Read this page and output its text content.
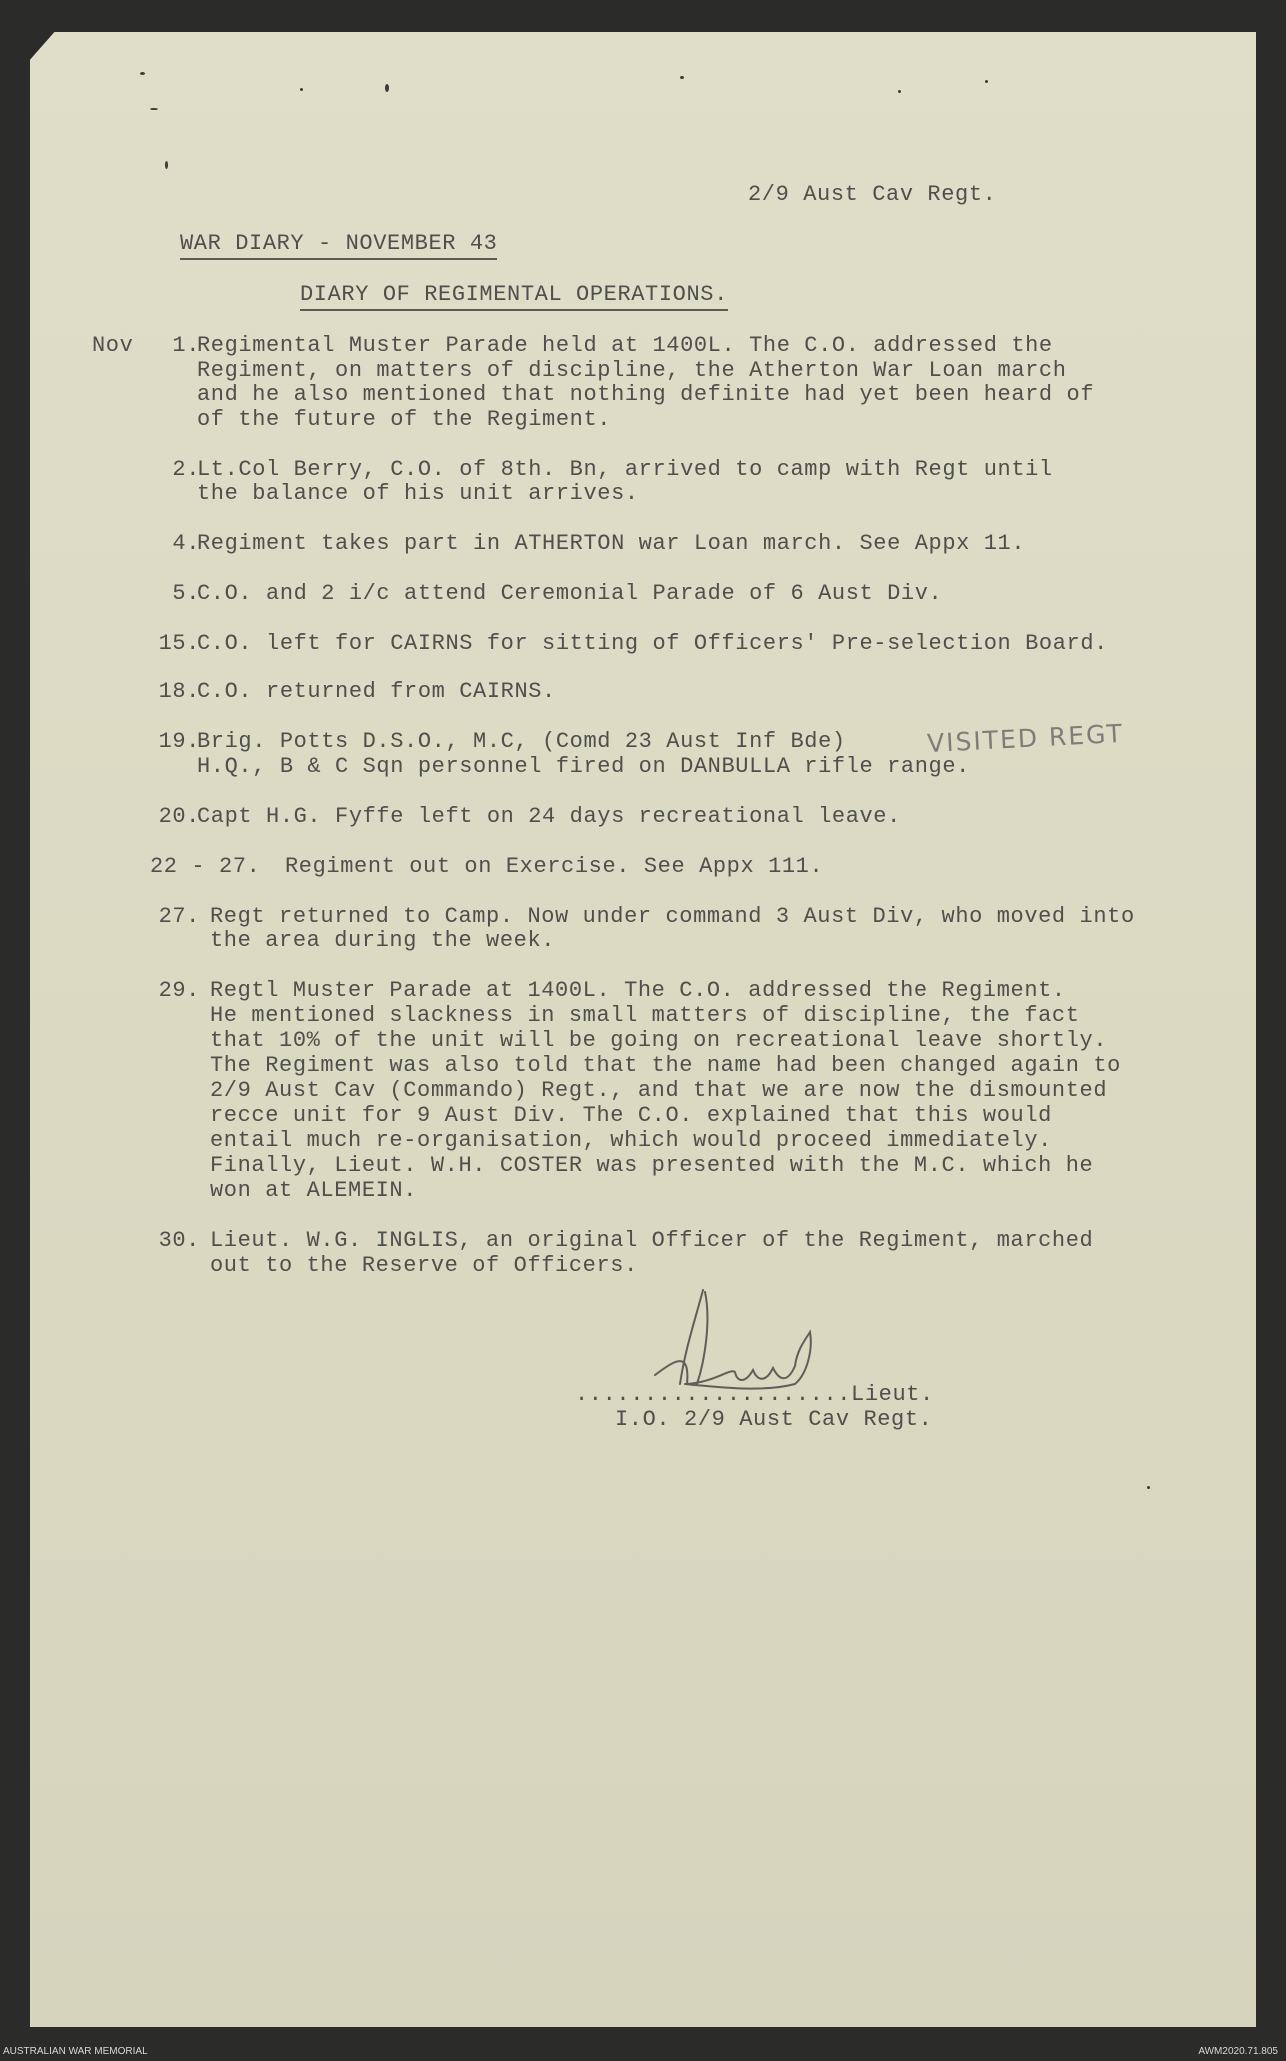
2/9 Aust Cav Regt.
WAR DIARY - NOVEMBER 43
DIARY OF REGIMENTAL OPERATIONS.
Nov	1.
Regimental Muster Parade held at 1400L. The C.O. addressed the
Regiment, on matters of discipline, the Atherton War Loan march
and he also mentioned that nothing definite had yet been heard of
of the future of the Regiment.
2.
Lt.Col Berry, C.O. of 8th. Bn, arrived to camp with Regt until
the balance of his unit arrives.
4.
Regiment takes part in ATHERTON war Loan march. See Appx 11.
5.
C.O. and 2 i/c attend Ceremonial Parade of 6 Aust Div.
15.
C.O. left for CAIRNS for sitting of Officers' Pre-selection Board.
18.
C.O. returned from CAIRNS.
19.
Brig. Potts D.S.O., M.C, (Comd 23 Aust Inf Bde)
H.Q., B & C Sqn personnel fired on DANBULLA rifle range.
VISITED REGT
20.
Capt H.G. Fyffe left on 24 days recreational leave.
22 - 27. Regiment out on Exercise. See Appx 111.
27. Regt returned to Camp. Now under command 3 Aust Div, who moved into
the area during the week.
29. Regtl Muster Parade at 1400L. The C.O. addressed the Regiment.
He mentioned slackness in small matters of discipline, the fact
that 10% of the unit will be going on recreational leave shortly.
The Regiment was also told that the name had been changed again to
2/9 Aust Cav (Commando) Regt., and that we are now the dismounted
recce unit for 9 Aust Div. The C.O. explained that this would
entail much re-organisation, which would proceed immediately.
Finally, Lieut. W.H. COSTER was presented with the M.C. which he
won at ALEMEIN.
30. Lieut. W.G. INGLIS, an original Officer of the Regiment, marched
out to the Reserve of Officers.
....................Lieut.
I.O. 2/9 Aust Cav Regt.
AUSTRALIAN WAR MEMORIAL	AWM2020.71.805
